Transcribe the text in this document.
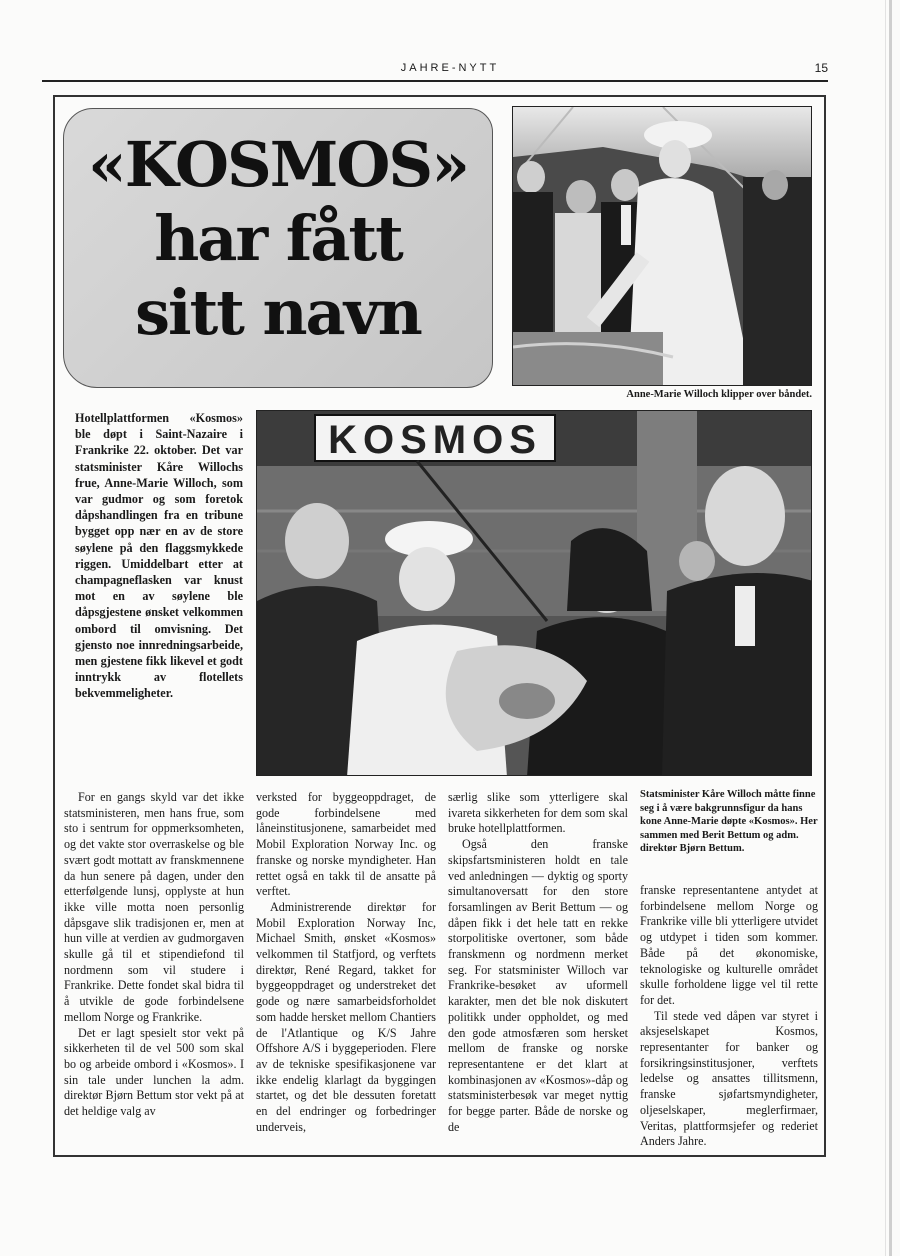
JAHRE-NYTT	15
«KOSMOS»
har fått
sitt navn
Anne-Marie Willoch klipper over båndet.

Hotellplattformen «Kosmos» ble døpt i Saint-Nazaire i Frankrike 22. oktober. Det var statsminister Kåre Willochs frue, Anne-Marie Willoch, som var gudmor og som foretok dåpshandlingen fra en tribune bygget opp nær en av de store søylene på den flaggsmykkede riggen. Umiddelbart etter at champagneflasken var knust mot en av søylene ble dåpsgjestene ønsket velkommen ombord til omvisning. Det gjensto noe innredningsarbeide, men gjestene fikk likevel et godt inntrykk av flotellets bekvemmeligheter.

KOSMOS

Statsminister Kåre Willoch måtte finne seg i å være bakgrunnsfigur da hans kone Anne-Marie døpte «Kosmos». Her sammen med Berit Bettum og adm. direktør Bjørn Bettum.

For en gangs skyld var det ikke statsministeren, men hans frue, som sto i sentrum for oppmerksomheten, og det vakte stor overraskelse og ble svært godt mottatt av franskmennene da hun senere på dagen, under den etterfølgende lunsj, opplyste at hun ikke ville motta noen personlig dåpsgave slik tradisjonen er, men at hun ville at verdien av gudmorgaven skulle gå til et stipendiefond til nordmenn som vil studere i Frankrike. Dette fondet skal bidra til å utvikle de gode forbindelsene mellom Norge og Frankrike.

Det er lagt spesielt stor vekt på sikkerheten til de vel 500 som skal bo og arbeide ombord i «Kosmos». I sin tale under lunchen la adm. direktør Bjørn Bettum stor vekt på at det heldige valg av

verksted for byggeoppdraget, de gode forbindelsene med låneinstitusjonene, samarbeidet med Mobil Exploration Norway Inc. og franske og norske myndigheter. Han rettet også en takk til de ansatte på verftet.

Administrerende direktør for Mobil Exploration Norway Inc, Michael Smith, ønsket «Kosmos» velkommen til Statfjord, og verftets direktør, René Regard, takket for byggeoppdraget og understreket det gode og nære samarbeidsforholdet som hadde hersket mellom Chantiers de l'Atlantique og K/S Jahre Offshore A/S i byggeperioden. Flere av de tekniske spesifikasjonene var ikke endelig klarlagt da byggingen startet, og det ble dessuten foretatt en del endringer og forbedringer underveis,

særlig slike som ytterligere skal ivareta sikkerheten for dem som skal bruke hotellplattformen.

Også den franske skipsfartsministeren holdt en tale ved anledningen — dyktig og sporty simultanoversatt for den store forsamlingen av Berit Bettum — og dåpen fikk i det hele tatt en rekke storpolitiske overtoner, som både franskmenn og nordmenn merket seg. For statsminister Willoch var Frankrike-besøket av uformell karakter, men det ble nok diskutert politikk under oppholdet, og med den gode atmosfæren som hersket mellom de franske og norske representantene er det klart at kombinasjonen av «Kosmos»-dåp og statsministerbesøk var meget nyttig for begge parter. Både de norske og de

franske representantene antydet at forbindelsene mellom Norge og Frankrike ville bli ytterligere utvidet og utdypet i tiden som kommer. Både på det økonomiske, teknologiske og kulturelle området skulle forholdene ligge vel til rette for det.

Til stede ved dåpen var styret i aksjeselskapet Kosmos, representanter for banker og forsikringsinstitusjoner, verftets ledelse og ansattes tillitsmenn, franske sjøfartsmyndigheter, oljeselskaper, meglerfirmaer, Veritas, plattformsjefer og rederiet Anders Jahre.
